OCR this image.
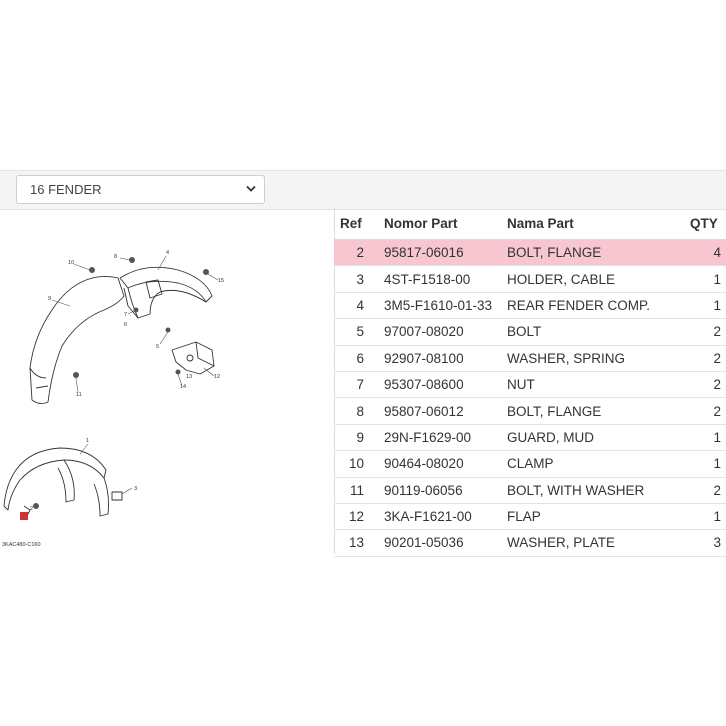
16 FENDER
10
8
4
9
15
7
6
5
12
13
14
11
1
3
2
3KAC480-C160
Ref	Nomor Part	Nama Part	QTY
2	95817-06016	BOLT, FLANGE	4
3	4ST-F1518-00	HOLDER, CABLE	1
4	3M5-F1610-01-33	REAR FENDER COMP.	1
5	97007-08020	BOLT	2
6	92907-08100	WASHER, SPRING	2
7	95307-08600	NUT	2
8	95807-06012	BOLT, FLANGE	2
9	29N-F1629-00	GUARD, MUD	1
10	90464-08020	CLAMP	1
11	90119-06056	BOLT, WITH WASHER	2
12	3KA-F1621-00	FLAP	1
13	90201-05036	WASHER, PLATE	3
